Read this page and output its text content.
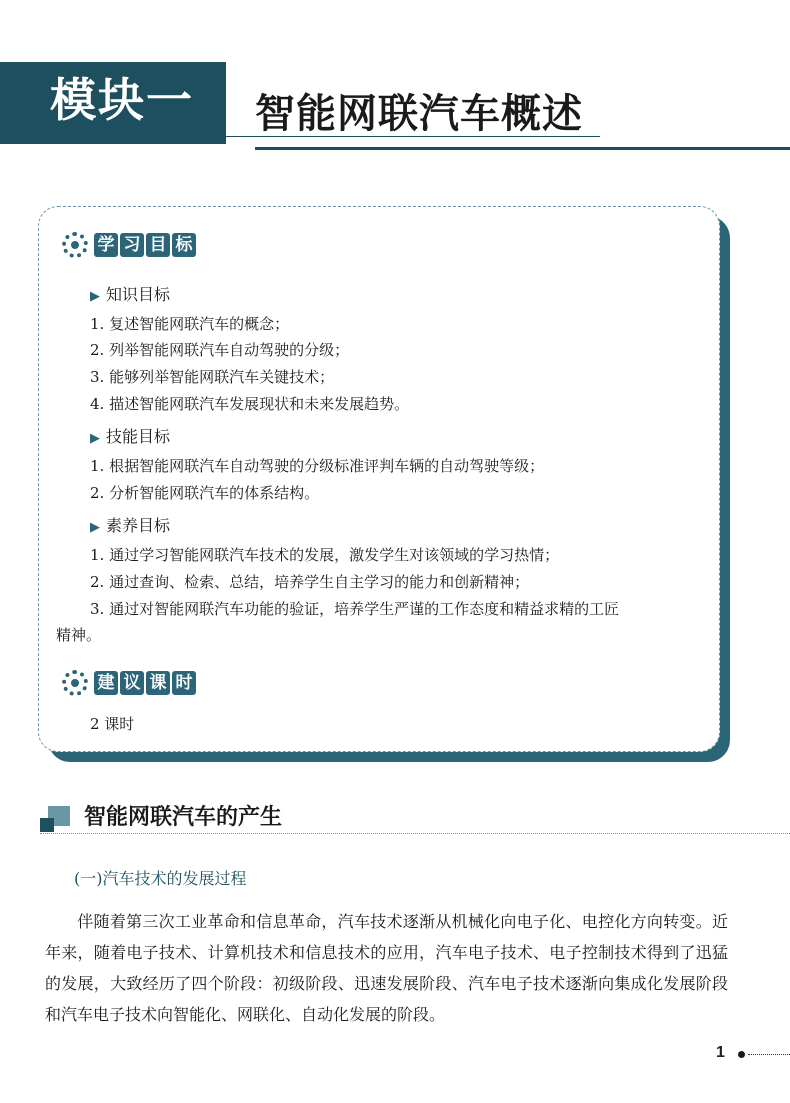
模块一 智能网联汽车概述
学 习 目 标
▶ 知识目标
1. 复述智能网联汽车的概念；
2. 列举智能网联汽车自动驾驶的分级；
3. 能够列举智能网联汽车关键技术；
4. 描述智能网联汽车发展现状和未来发展趋势。
▶ 技能目标
1. 根据智能网联汽车自动驾驶的分级标准评判车辆的自动驾驶等级；
2. 分析智能网联汽车的体系结构。
▶ 素养目标
1. 通过学习智能网联汽车技术的发展，激发学生对该领域的学习热情；
2. 通过查询、检索、总结，培养学生自主学习的能力和创新精神；
3. 通过对智能网联汽车功能的验证，培养学生严谨的工作态度和精益求精的工匠
精神。
建 议 课 时
2 课时
智能网联汽车的产生
(一)汽车技术的发展过程
伴随着第三次工业革命和信息革命，汽车技术逐渐从机械化向电子化、电控化方向转变。近年来，随着电子技术、计算机技术和信息技术的应用，汽车电子技术、电子控制技术得到了迅猛的发展，大致经历了四个阶段：初级阶段、迅速发展阶段、汽车电子技术逐渐向集成化发展阶段和汽车电子技术向智能化、网联化、自动化发展的阶段。
1
